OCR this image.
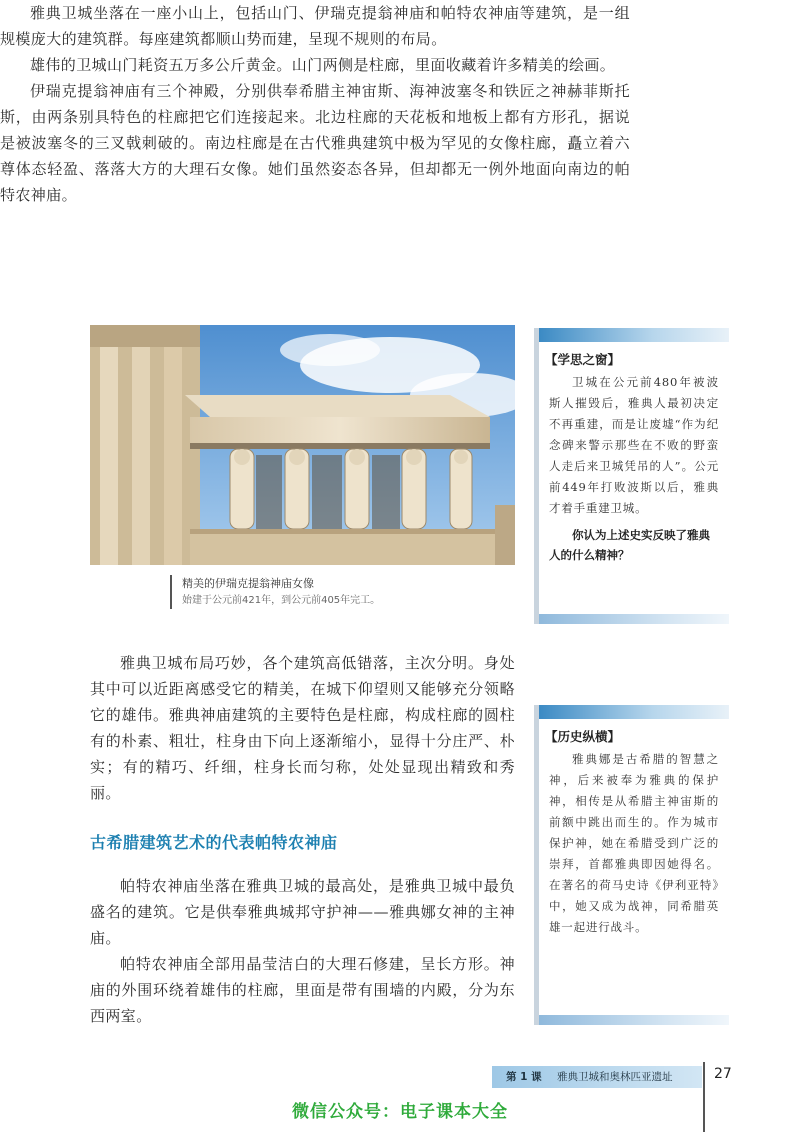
雅典卫城坐落在一座小山上，包括山门、伊瑞克提翁神庙和帕特农神庙等建筑，是一组规模庞大的建筑群。每座建筑都顺山势而建，呈现不规则的布局。

雄伟的卫城山门耗资五万多公斤黄金。山门两侧是柱廊，里面收藏着许多精美的绘画。

伊瑞克提翁神庙有三个神殿，分别供奉希腊主神宙斯、海神波塞冬和铁匠之神赫菲斯托斯，由两条别具特色的柱廊把它们连接起来。北边柱廊的天花板和地板上都有方形孔，据说是被波塞冬的三叉戟刺破的。南边柱廊是在古代雅典建筑中极为罕见的女像柱廊，矗立着六尊体态轻盈、落落大方的大理石女像。她们虽然姿态各异，但却都无一例外地面向南边的帕特农神庙。

精美的伊瑞克提翁神庙女像
始建于公元前421年，到公元前405年完工。
【学思之窗】
卫城在公元前480年被波斯人摧毁后，雅典人最初决定不再重建，而是让废墟“作为纪念碑来警示那些在不败的野蛮人走后来卫城凭吊的人”。公元前449年打败波斯以后，雅典才着手重建卫城。
你认为上述史实反映了雅典人的什么精神？

雅典卫城布局巧妙，各个建筑高低错落，主次分明。身处其中可以近距离感受它的精美，在城下仰望则又能够充分领略它的雄伟。雅典神庙建筑的主要特色是柱廊，构成柱廊的圆柱有的朴素、粗壮，柱身由下向上逐渐缩小，显得十分庄严、朴实；有的精巧、纤细，柱身长而匀称，处处显现出精致和秀丽。

【历史纵横】
雅典娜是古希腊的智慧之神，后来被奉为雅典的保护神，相传是从希腊主神宙斯的前额中跳出而生的。作为城市保护神，她在希腊受到广泛的崇拜，首都雅典即因她得名。在著名的荷马史诗《伊利亚特》中，她又成为战神，同希腊英雄一起进行战斗。
古希腊建筑艺术的代表帕特农神庙

帕特农神庙坐落在雅典卫城的最高处，是雅典卫城中最负盛名的建筑。它是供奉雅典城邦守护神——雅典娜女神的主神庙。

帕特农神庙全部用晶莹洁白的大理石修建，呈长方形。神庙的外围环绕着雄伟的柱廊，里面是带有围墙的内殿，分为东西两室。

第 1 课 雅典卫城和奥林匹亚遗址	27
微信公众号：电子课本大全
